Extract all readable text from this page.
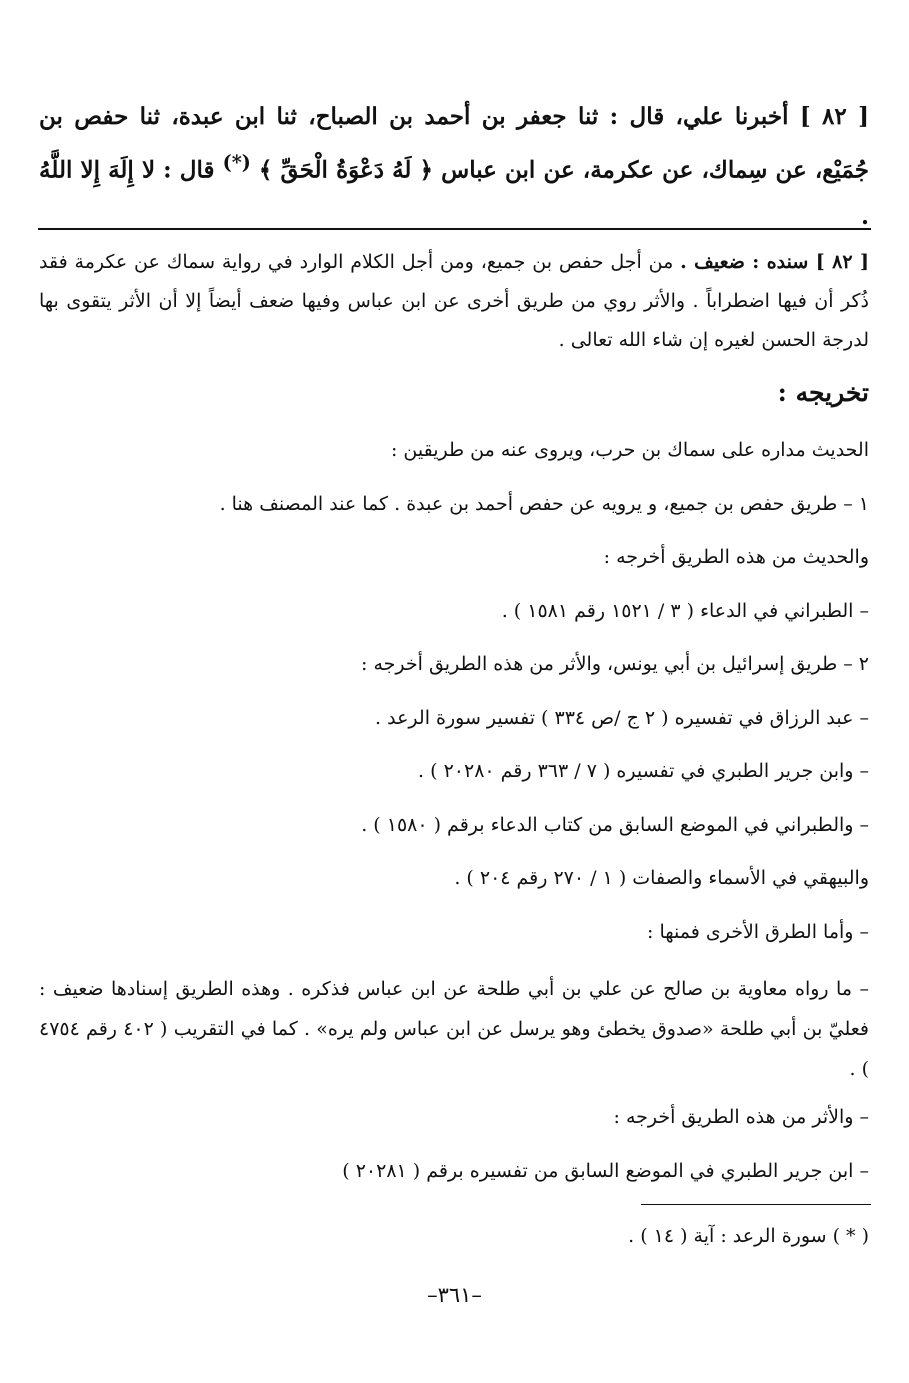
[ ٨٢ ] أخبرنا علي، قال : ثنا جعفر بن أحمد بن الصباح، ثنا ابن عبدة، ثنا حفص بن جُمَيْع، عن سِماك، عن عكرمة، عن ابن عباس ﴿ لَهُ دَعْوَةُ الْحَقِّ ﴾ (*) قال : لا إِلَهَ إِلا اللَّهُ .

[ ٨٢ ] سنده : ضعيف . من أجل حفص بن جميع، ومن أجل الكلام الوارد في رواية سماك عن عكرمة فقد ذُكر أن فيها اضطراباً . والأثر روي من طريق أخرى عن ابن عباس وفيها ضعف أيضاً إلا أن الأثر يتقوى بها لدرجة الحسن لغيره إن شاء الله تعالى .

تخريجه :

الحديث مداره على سماك بن حرب، ويروى عنه من طريقين :

١ – طريق حفص بن جميع، و يرويه عن حفص أحمد بن عبدة . كما عند المصنف هنا .

والحديث من هذه الطريق أخرجه :

– الطبراني في الدعاء ( ٣ / ١٥٢١ رقم ١٥٨١ ) .

٢ – طريق إسرائيل بن أبي يونس، والأثر من هذه الطريق أخرجه :

– عبد الرزاق في تفسيره ( ٢ ج /ص ٣٣٤ ) تفسير سورة الرعد .

– وابن جرير الطبري في تفسيره ( ٧ / ٣٦٣ رقم ٢٠٢٨٠ ) .

– والطبراني في الموضع السابق من كتاب الدعاء برقم ( ١٥٨٠ ) .

والبيهقي في الأسماء والصفات ( ١ / ٢٧٠ رقم ٢٠٤ ) .

– وأما الطرق الأخرى فمنها :

– ما رواه معاوية بن صالح عن علي بن أبي طلحة عن ابن عباس فذكره . وهذه الطريق إسنادها ضعيف : فعليّ بن أبي طلحة «صدوق يخطئ وهو يرسل عن ابن عباس ولم يره» . كما في التقريب ( ٤٠٢ رقم ٤٧٥٤ ) .

– والأثر من هذه الطريق أخرجه :

– ابن جرير الطبري في الموضع السابق من تفسيره برقم ( ٢٠٢٨١ )

( * ) سورة الرعد : آية ( ١٤ ) .
–٣٦١–
